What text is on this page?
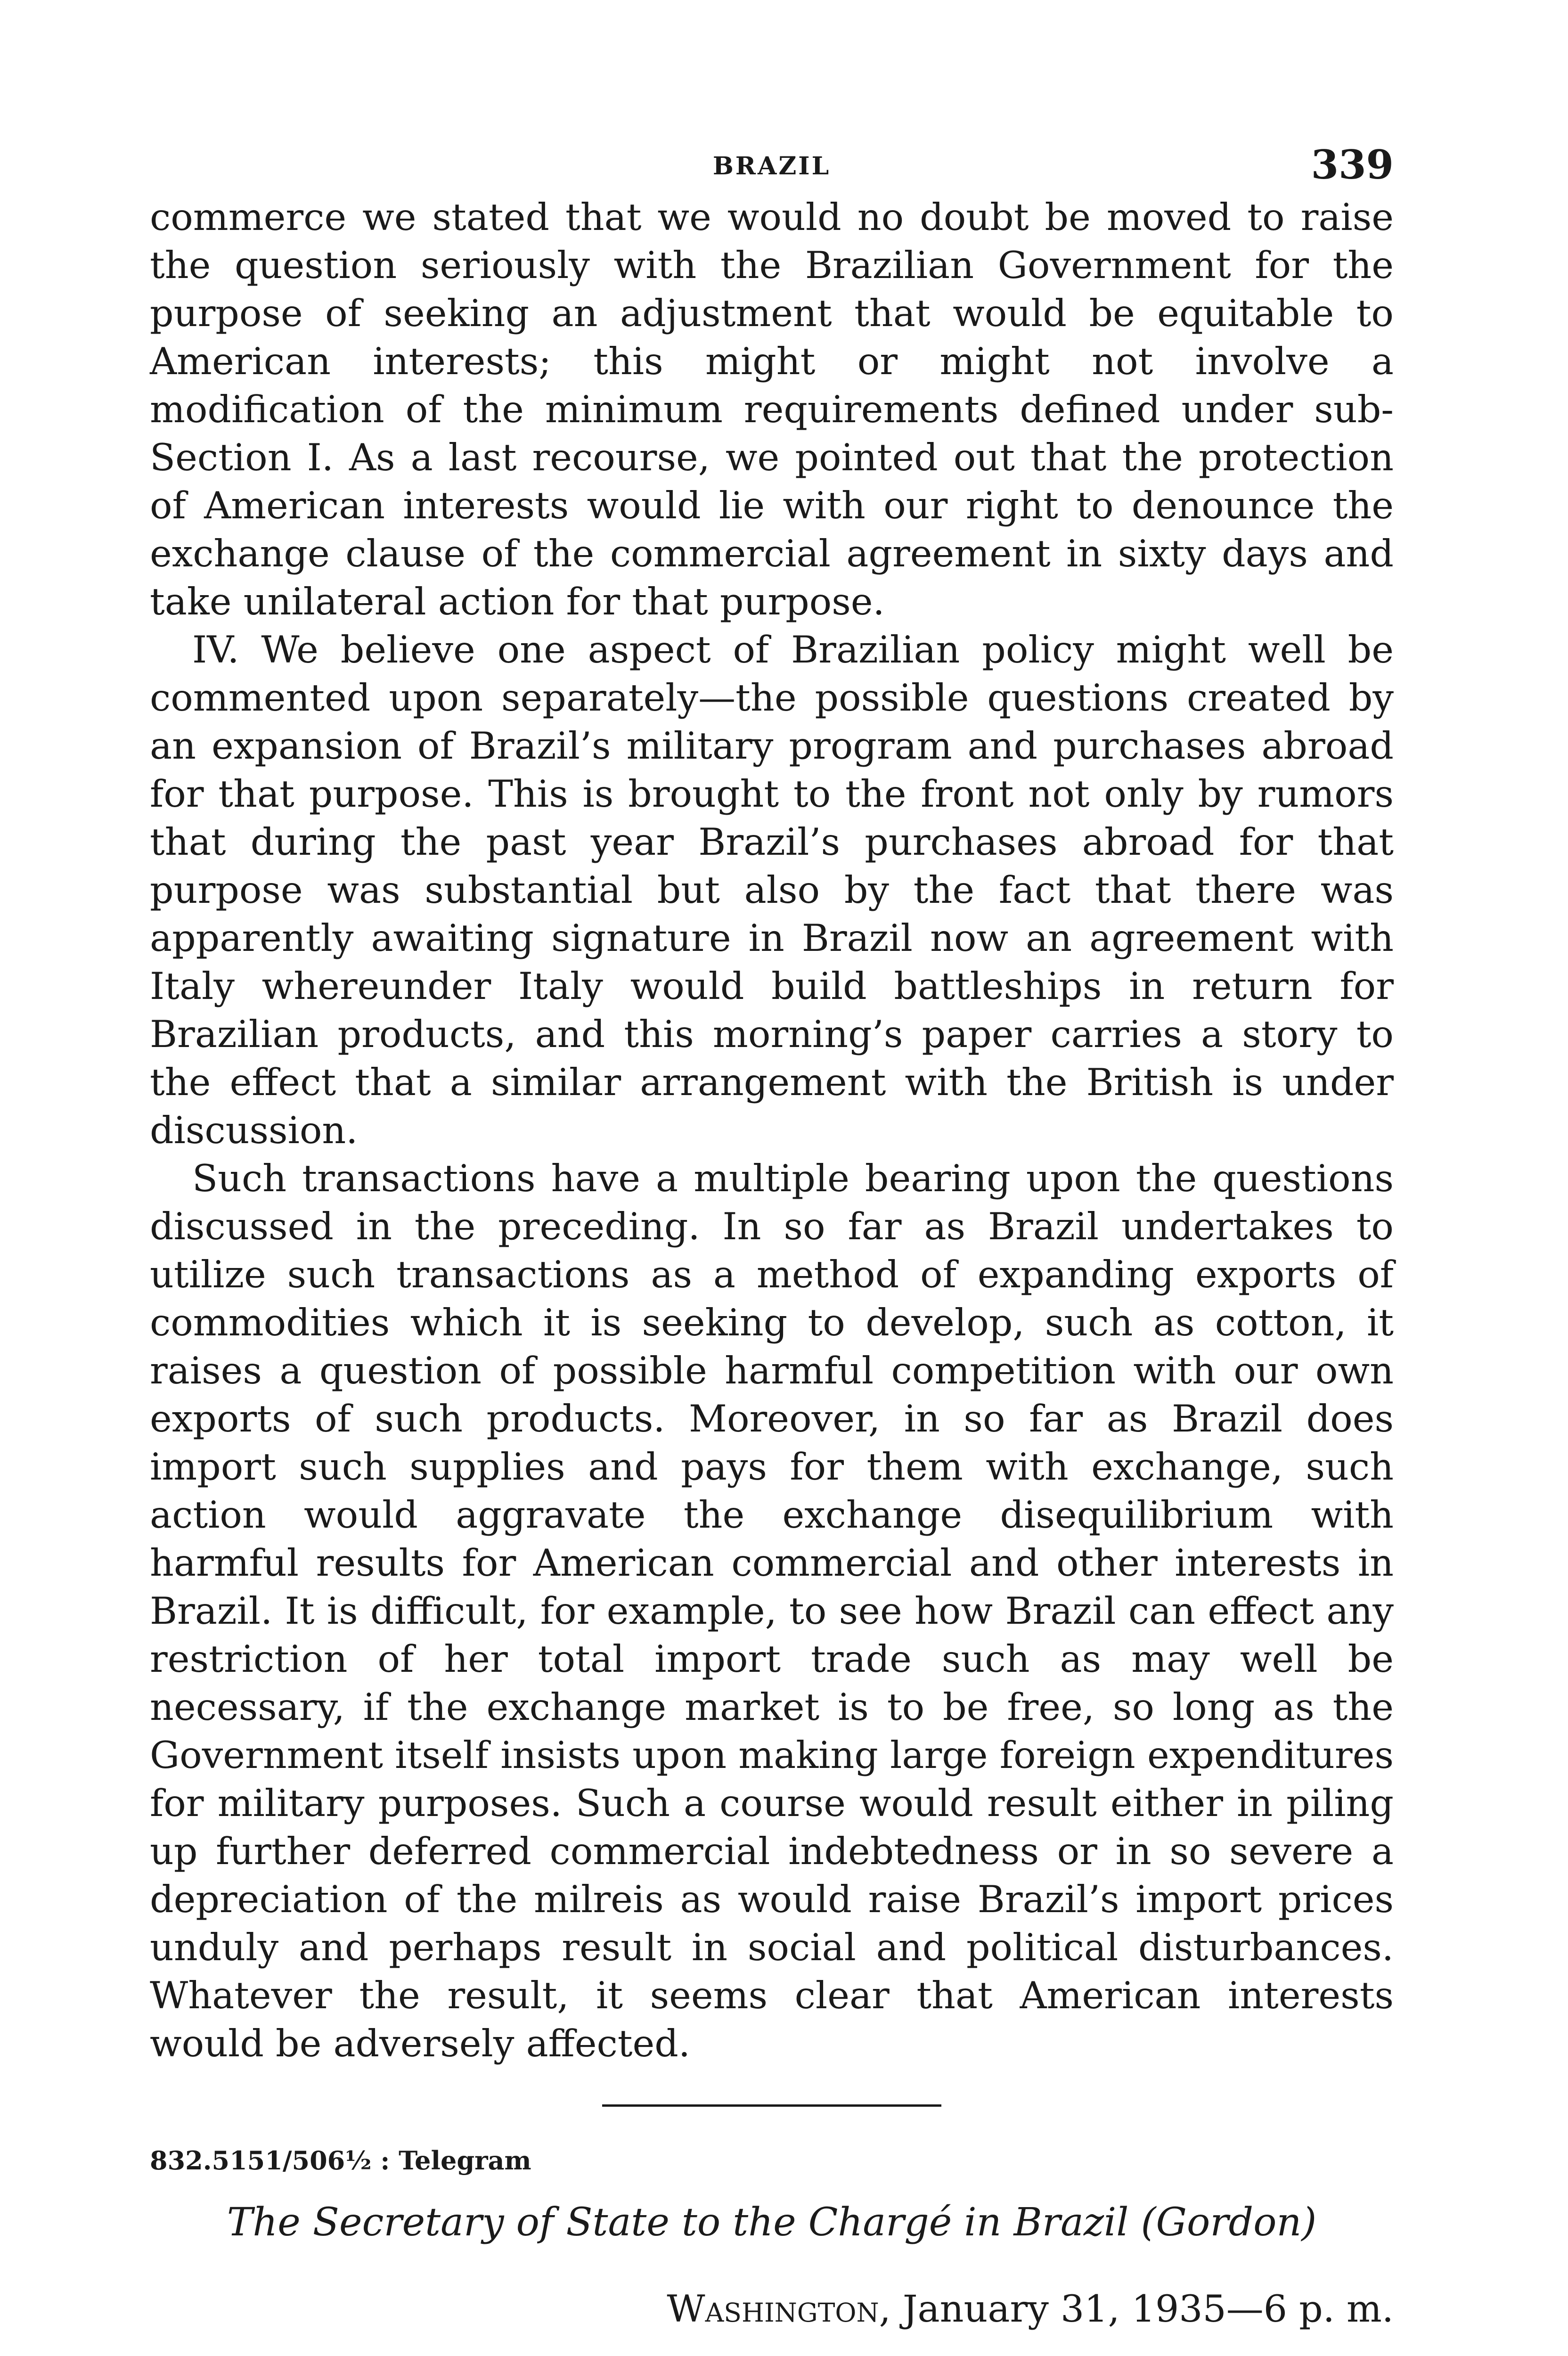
BRAZIL	339

commerce we stated that we would no doubt be moved to raise the question seriously with the Brazilian Government for the purpose of seeking an adjustment that would be equitable to American interests; this might or might not involve a modification of the minimum requirements defined under sub-Section I. As a last recourse, we pointed out that the protection of American interests would lie with our right to denounce the exchange clause of the commercial agreement in sixty days and take unilateral action for that purpose.

IV. We believe one aspect of Brazilian policy might well be commented upon separately—the possible questions created by an expansion of Brazil’s military program and purchases abroad for that purpose. This is brought to the front not only by rumors that during the past year Brazil’s purchases abroad for that purpose was substantial but also by the fact that there was apparently awaiting signature in Brazil now an agreement with Italy whereunder Italy would build battleships in return for Brazilian products, and this morning’s paper carries a story to the effect that a similar arrangement with the British is under discussion.

Such transactions have a multiple bearing upon the questions discussed in the preceding. In so far as Brazil undertakes to utilize such transactions as a method of expanding exports of commodities which it is seeking to develop, such as cotton, it raises a question of possible harmful competition with our own exports of such products. Moreover, in so far as Brazil does import such supplies and pays for them with exchange, such action would aggravate the exchange disequilibrium with harmful results for American commercial and other interests in Brazil. It is difficult, for example, to see how Brazil can effect any restriction of her total import trade such as may well be necessary, if the exchange market is to be free, so long as the Government itself insists upon making large foreign expenditures for military purposes. Such a course would result either in piling up further deferred commercial indebtedness or in so severe a depreciation of the milreis as would raise Brazil’s import prices unduly and perhaps result in social and political disturbances. Whatever the result, it seems clear that American interests would be adversely affected.

832.5151/506½ : Telegram

The Secretary of State to the Chargé in Brazil (Gordon)

Washington, January 31, 1935—6 p. m.
